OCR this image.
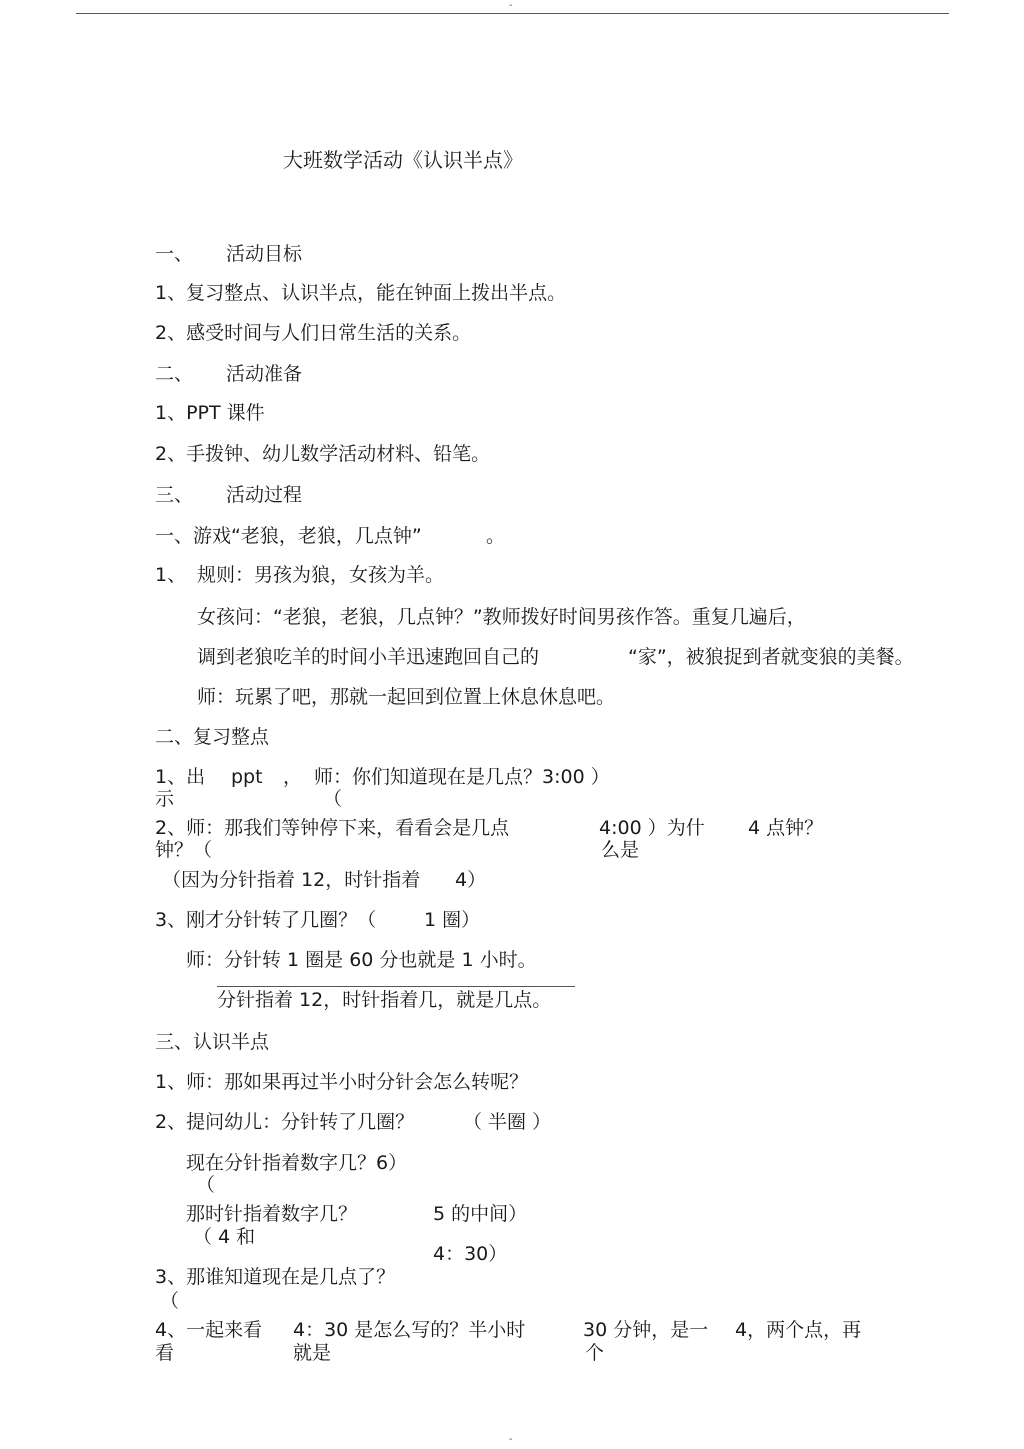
-
大班数学活动《认识半点》
一、 活动目标
1、复习整点、认识半点，能在钟面上拨出半点。
2、感受时间与人们日常生活的关系。
二、 活动准备
1、PPT 课件
2、手拨钟、幼儿数学活动材料、铅笔。
三、 活动过程
一、游戏“老狼，老狼，几点钟”	。
1、 规则：男孩为狼，女孩为羊。
女孩问：“老狼，老狼，几点钟？”教师拨好时间男孩作答。重复几遍后，
调到老狼吃羊的时间小羊迅速跑回自己的	“家”，被狼捉到者就变狼的美餐。
师：玩累了吧，那就一起回到位置上休息休息吧。
二、复习整点
1、出 ppt ， 师：你们知道现在是几点？3:00 ）
示	（
2、师：那我们等钟停下来，看看会是几点	4:00 ）为什 4 点钟？
钟？（	么是
（因为分针指着 12，时针指着 4）
3、刚才分针转了几圈？（	1 圈）
师：分针转 1 圈是 60 分也就是 1 小时。
分针指着 12，时针指着几，就是几点。
三、认识半点
1、师：那如果再过半小时分针会怎么转呢？
2、提问幼儿：分针转了几圈？	（ 半圈 ）
现在分针指着数字几？6）
（
那时针指着数字几？	5 的中间）
（ 4 和
4：30）
3、那谁知道现在是几点了？
（
4、一起来看 4：30 是怎么写的？半小时	30 分钟，是一 4，两个点，再
看	就是	个
-
